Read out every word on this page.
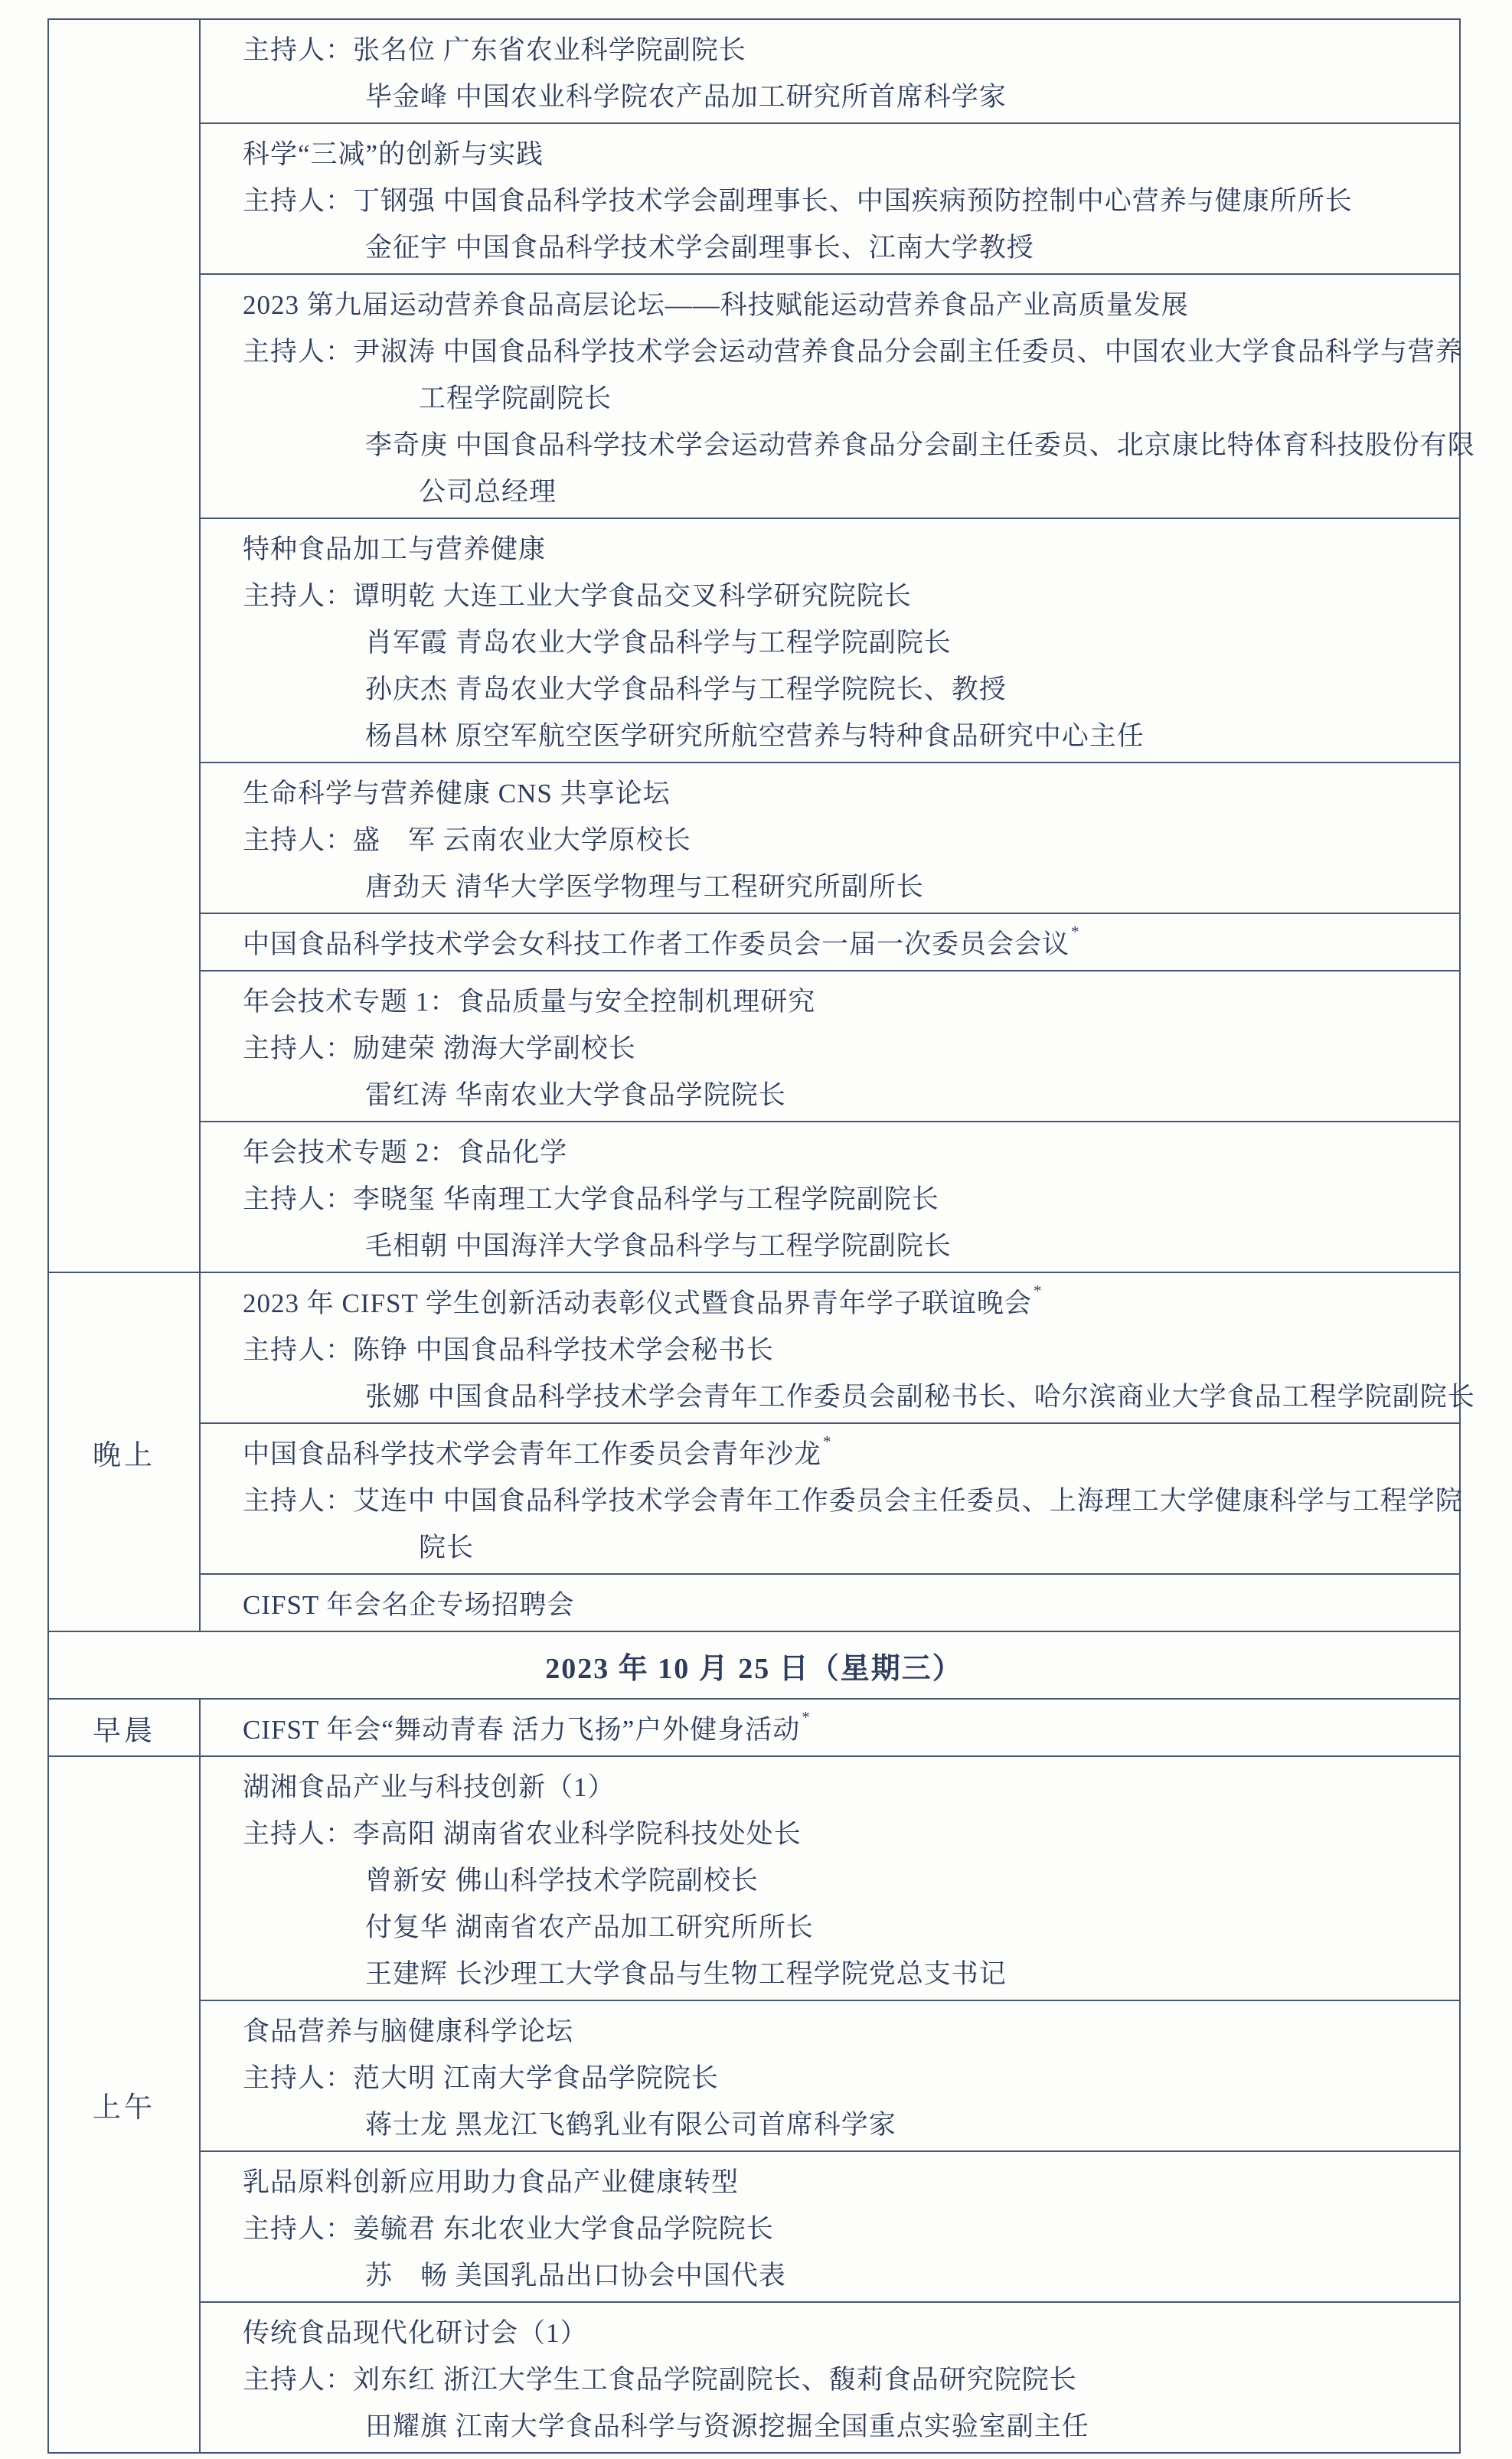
主持人：张名位 广东省农业科学院副院长
毕金峰 中国农业科学院农产品加工研究所首席科学家
科学“三减”的创新与实践
主持人：丁钢强 中国食品科学技术学会副理事长、中国疾病预防控制中心营养与健康所所长
金征宇 中国食品科学技术学会副理事长、江南大学教授
2023 第九届运动营养食品高层论坛——科技赋能运动营养食品产业高质量发展
主持人：尹淑涛 中国食品科学技术学会运动营养食品分会副主任委员、中国农业大学食品科学与营养
工程学院副院长
李奇庚 中国食品科学技术学会运动营养食品分会副主任委员、北京康比特体育科技股份有限
公司总经理
特种食品加工与营养健康
主持人：谭明乾 大连工业大学食品交叉科学研究院院长
肖军霞 青岛农业大学食品科学与工程学院副院长
孙庆杰 青岛农业大学食品科学与工程学院院长、教授
杨昌林 原空军航空医学研究所航空营养与特种食品研究中心主任
生命科学与营养健康 CNS 共享论坛
主持人：盛　军 云南农业大学原校长
唐劲天 清华大学医学物理与工程研究所副所长
中国食品科学技术学会女科技工作者工作委员会一届一次委员会会议*
年会技术专题 1：食品质量与安全控制机理研究
主持人：励建荣 渤海大学副校长
雷红涛 华南农业大学食品学院院长
年会技术专题 2：食品化学
主持人：李晓玺 华南理工大学食品科学与工程学院副院长
毛相朝 中国海洋大学食品科学与工程学院副院长
晚上
2023 年 CIFST 学生创新活动表彰仪式暨食品界青年学子联谊晚会*
主持人：陈铮 中国食品科学技术学会秘书长
张娜 中国食品科学技术学会青年工作委员会副秘书长、哈尔滨商业大学食品工程学院副院长
中国食品科学技术学会青年工作委员会青年沙龙*
主持人：艾连中 中国食品科学技术学会青年工作委员会主任委员、上海理工大学健康科学与工程学院
院长
CIFST 年会名企专场招聘会
2023 年 10 月 25 日（星期三）
早晨	CIFST 年会“舞动青春 活力飞扬”户外健身活动*
上午
湖湘食品产业与科技创新（1）
主持人：李高阳 湖南省农业科学院科技处处长
曾新安 佛山科学技术学院副校长
付复华 湖南省农产品加工研究所所长
王建辉 长沙理工大学食品与生物工程学院党总支书记
食品营养与脑健康科学论坛
主持人：范大明 江南大学食品学院院长
蒋士龙 黑龙江飞鹤乳业有限公司首席科学家
乳品原料创新应用助力食品产业健康转型
主持人：姜毓君 东北农业大学食品学院院长
苏　畅 美国乳品出口协会中国代表
传统食品现代化研讨会（1）
主持人：刘东红 浙江大学生工食品学院副院长、馥莉食品研究院院长
田耀旗 江南大学食品科学与资源挖掘全国重点实验室副主任
